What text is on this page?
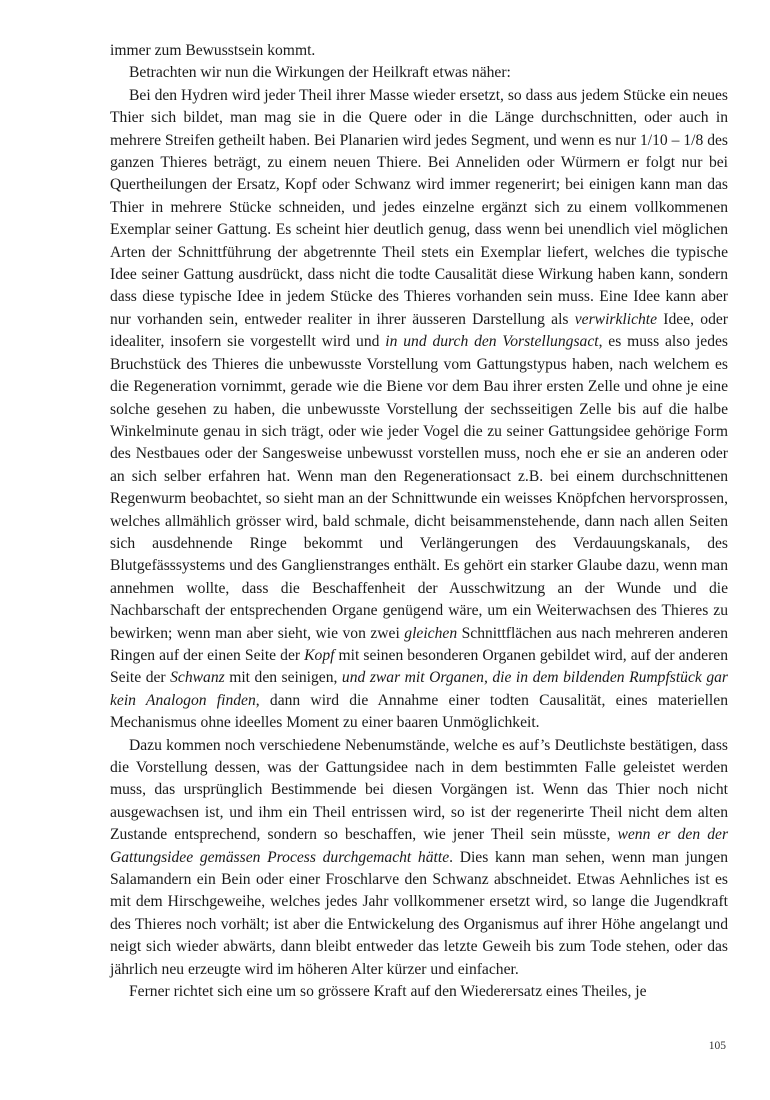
immer zum Bewusstsein kommt.

Betrachten wir nun die Wirkungen der Heilkraft etwas näher:

Bei den Hydren wird jeder Theil ihrer Masse wieder ersetzt, so dass aus jedem Stücke ein neues Thier sich bildet, man mag sie in die Quere oder in die Länge durchschnitten, oder auch in mehrere Streifen getheilt haben. Bei Planarien wird jedes Segment, und wenn es nur 1/10 – 1/8 des ganzen Thieres beträgt, zu einem neuen Thiere. Bei Anneliden oder Würmern er folgt nur bei Quertheilungen der Ersatz, Kopf oder Schwanz wird immer regenerirt; bei einigen kann man das Thier in mehrere Stücke schneiden, und jedes einzelne ergänzt sich zu einem vollkommenen Exemplar seiner Gattung. Es scheint hier deutlich genug, dass wenn bei unendlich viel möglichen Arten der Schnittführung der abgetrennte Theil stets ein Exemplar liefert, welches die typische Idee seiner Gattung ausdrückt, dass nicht die todte Causalität diese Wirkung haben kann, sondern dass diese typische Idee in jedem Stücke des Thieres vorhanden sein muss. Eine Idee kann aber nur vorhanden sein, entweder realiter in ihrer äusseren Darstellung als verwirklichte Idee, oder idealiter, insofern sie vorgestellt wird und in und durch den Vorstellungsact, es muss also jedes Bruchstück des Thieres die unbewusste Vorstellung vom Gattungstypus haben, nach welchem es die Regeneration vornimmt, gerade wie die Biene vor dem Bau ihrer ersten Zelle und ohne je eine solche gesehen zu haben, die unbewusste Vorstellung der sechsseitigen Zelle bis auf die halbe Winkelminute genau in sich trägt, oder wie jeder Vogel die zu seiner Gattungsidee gehörige Form des Nestbaues oder der Sangesweise unbewusst vorstellen muss, noch ehe er sie an anderen oder an sich selber erfahren hat. Wenn man den Regenerationsact z.B. bei einem durchschnittenen Regenwurm beobachtet, so sieht man an der Schnittwunde ein weisses Knöpfchen hervorsprossen, welches allmählich grösser wird, bald schmale, dicht beisammenstehende, dann nach allen Seiten sich ausdehnende Ringe bekommt und Verlängerungen des Verdauungskanals, des Blutgefässsystems und des Ganglienstranges enthält. Es gehört ein starker Glaube dazu, wenn man annehmen wollte, dass die Beschaffenheit der Ausschwitzung an der Wunde und die Nachbarschaft der entsprechenden Organe genügend wäre, um ein Weiterwachsen des Thieres zu bewirken; wenn man aber sieht, wie von zwei gleichen Schnittflächen aus nach mehreren anderen Ringen auf der einen Seite der Kopf mit seinen besonderen Organen gebildet wird, auf der anderen Seite der Schwanz mit den seinigen, und zwar mit Organen, die in dem bildenden Rumpfstück gar kein Analogon finden, dann wird die Annahme einer todten Causalität, eines materiellen Mechanismus ohne ideelles Moment zu einer baaren Unmöglichkeit.

Dazu kommen noch verschiedene Nebenumstände, welche es auf’s Deutlichste bestätigen, dass die Vorstellung dessen, was der Gattungsidee nach in dem bestimmten Falle geleistet werden muss, das ursprünglich Bestimmende bei diesen Vorgängen ist. Wenn das Thier noch nicht ausgewachsen ist, und ihm ein Theil entrissen wird, so ist der regenerirte Theil nicht dem alten Zustande entsprechend, sondern so beschaffen, wie jener Theil sein müsste, wenn er den der Gattungsidee gemässen Process durchgemacht hätte. Dies kann man sehen, wenn man jungen Salamandern ein Bein oder einer Froschlarve den Schwanz abschneidet. Etwas Aehnliches ist es mit dem Hirschgeweihe, welches jedes Jahr vollkommener ersetzt wird, so lange die Jugendkraft des Thieres noch vorhält; ist aber die Entwickelung des Organismus auf ihrer Höhe angelangt und neigt sich wieder abwärts, dann bleibt entweder das letzte Geweih bis zum Tode stehen, oder das jährlich neu erzeugte wird im höheren Alter kürzer und einfacher.

Ferner richtet sich eine um so grössere Kraft auf den Wiederersatz eines Theiles, je

105
